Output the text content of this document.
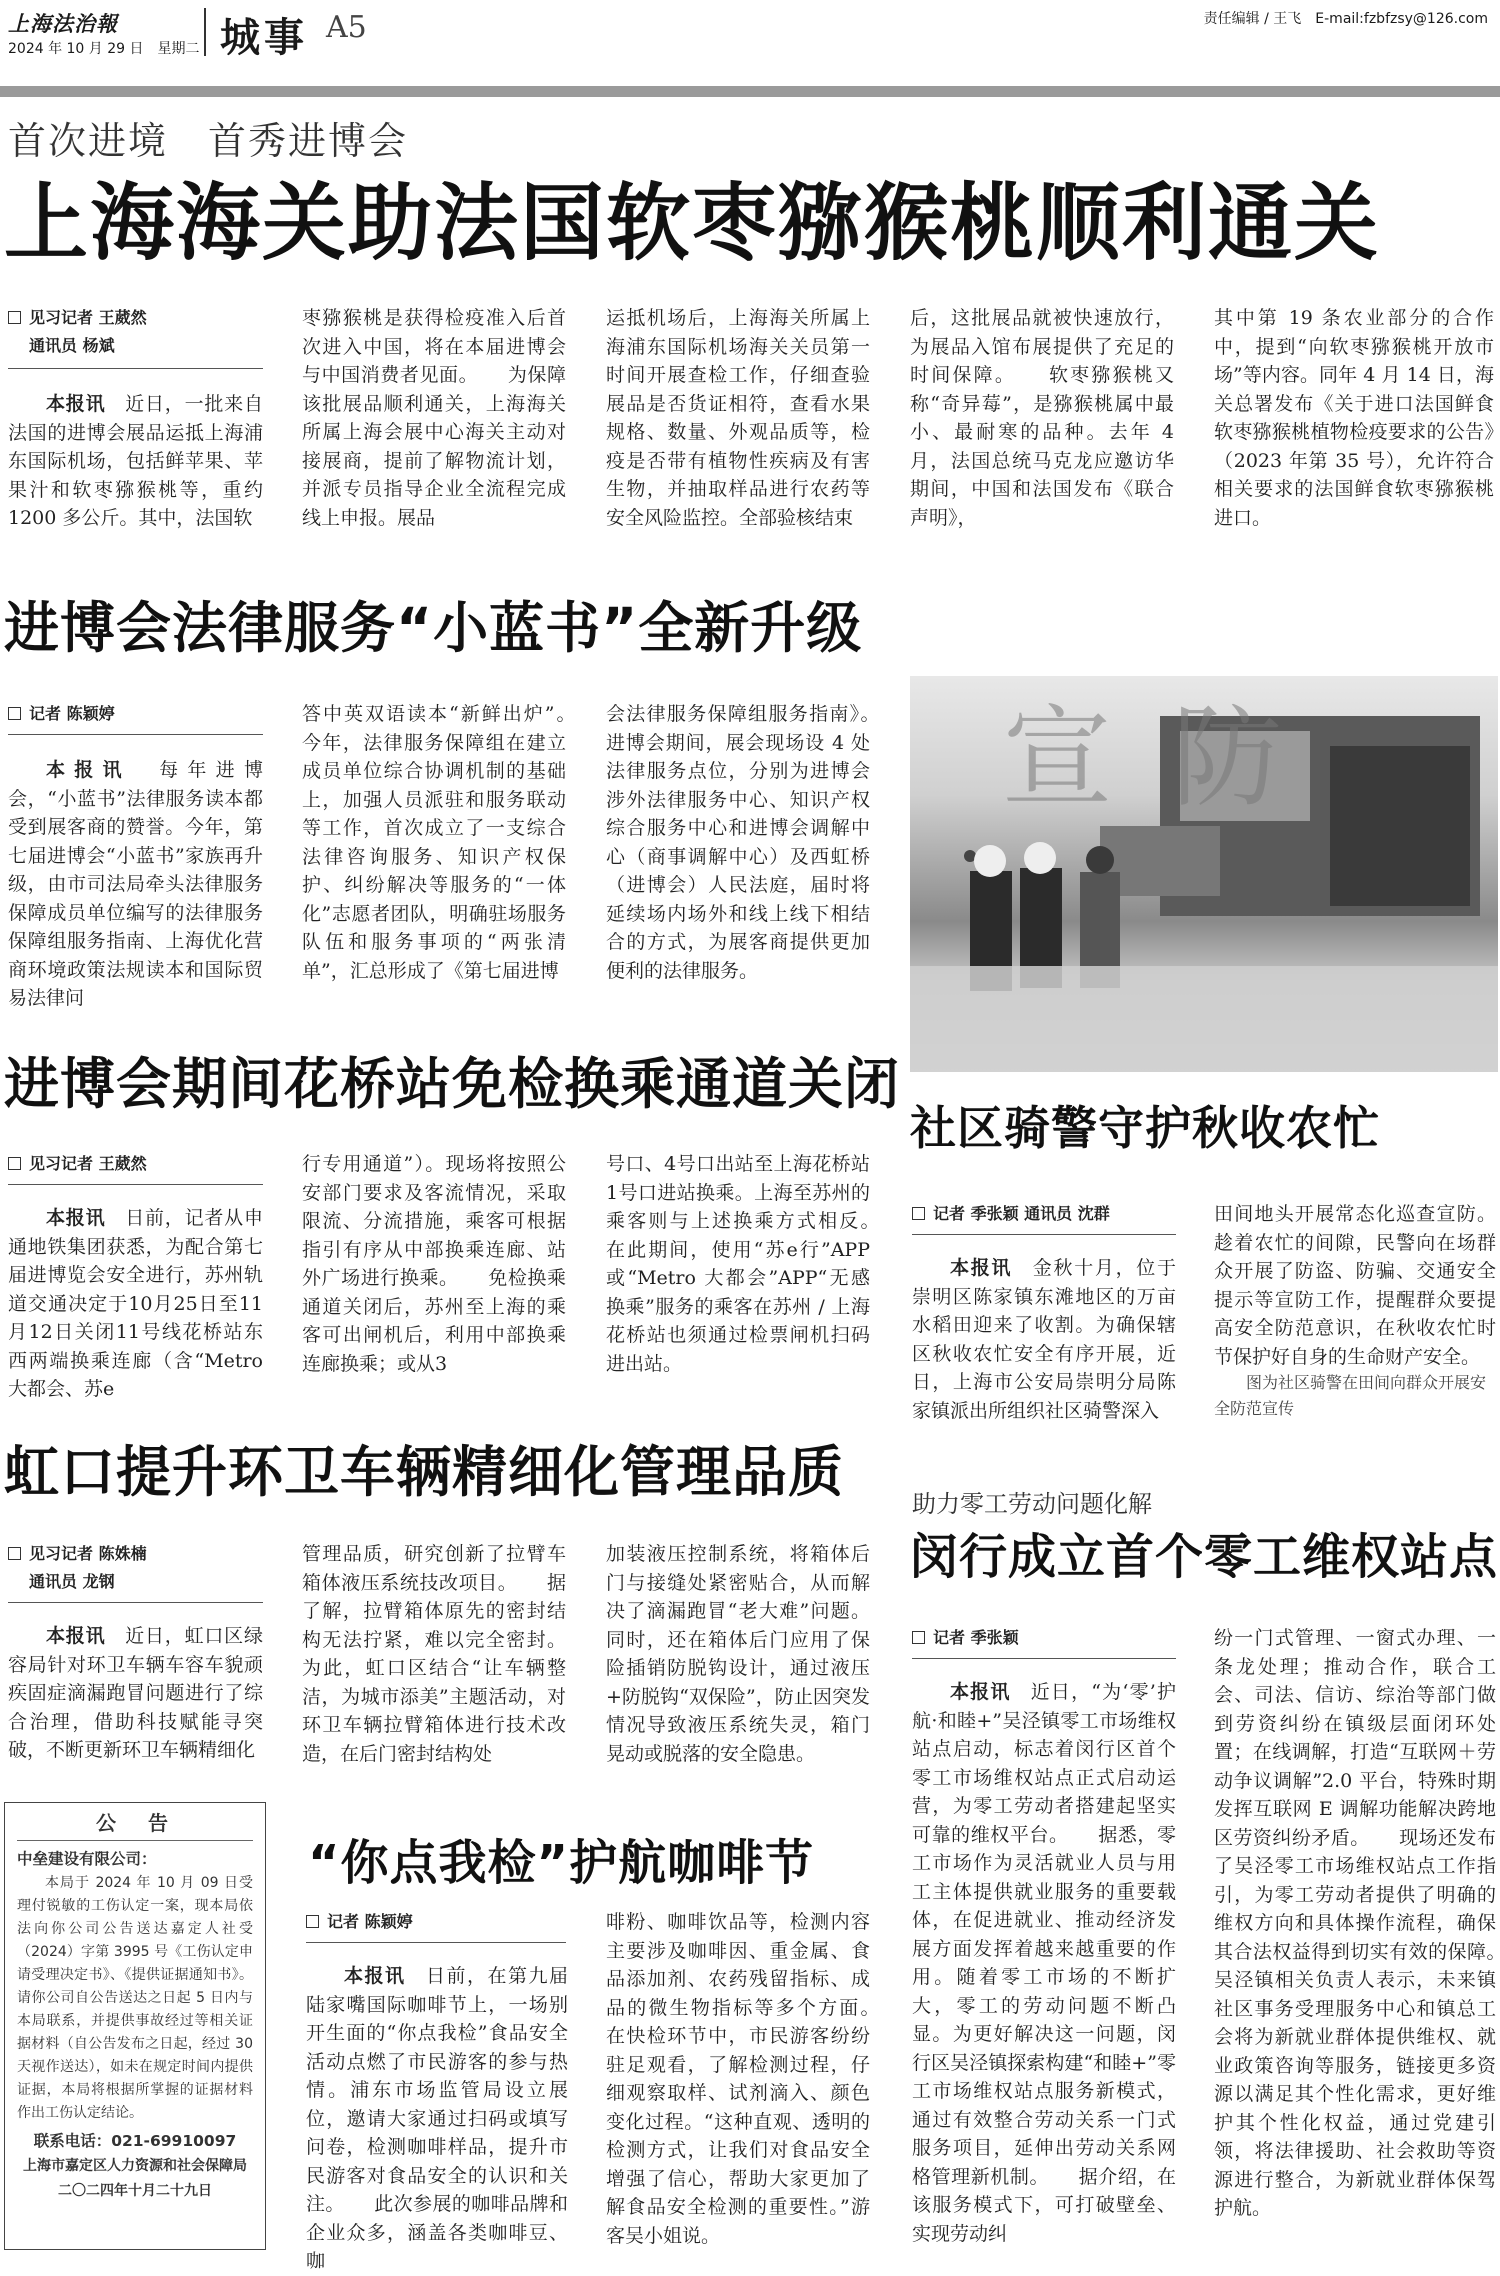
上海法治報
2024 年 10 月 29 日　星期二 城事 A5	责任编辑 / 王飞　E-mail:fzbfzsy@126.com
首次进境　首秀进博会
上海海关助法国软枣猕猴桃顺利通关
见习记者 王葳然
通讯员 杨斌

本报讯　 近日，一批来自法国的进博会展品运抵上海浦东国际机场，包括鲜苹果、苹果汁和软枣猕猴桃等，重约1200 多公斤。其中，法国软

枣猕猴桃是获得检疫准入后首次进入中国，将在本届进博会与中国消费者见面。　　为保障该批展品顺利通关，上海海关所属上海会展中心海关主动对接展商，提前了解物流计划，并派专员指导企业全流程完成线上申报。展品
运抵机场后，上海海关所属上海浦东国际机场海关关员第一时间开展查检工作，仔细查验展品是否货证相符，查看水果规格、数量、外观品质等，检疫是否带有植物性疾病及有害生物，并抽取样品进行农药等安全风险监控。全部验核结束
后，这批展品就被快速放行，为展品入馆布展提供了充足的时间保障。　　软枣猕猴桃又称“奇异莓”，是猕猴桃属中最小、最耐寒的品种。去年 4 月，法国总统马克龙应邀访华期间，中国和法国发布《联合声明》，
其中第 19 条农业部分的合作中，提到“向软枣猕猴桃开放市场”等内容。同年 4 月 14 日，海关总署发布《关于进口法国鲜食软枣猕猴桃植物检疫要求的公告》（2023 年第 35 号），允许符合相关要求的法国鲜食软枣猕猴桃进口。
进博会法律服务“小蓝书”全新升级
记者 陈颖婷

本报讯　 每年进博会，“小蓝书”法律服务读本都受到展客商的赞誉。今年，第七届进博会“小蓝书”家族再升级，由市司法局牵头法律服务保障成员单位编写的法律服务保障组服务指南、上海优化营商环境政策法规读本和国际贸易法律问

答中英双语读本“新鲜出炉”。　　今年，法律服务保障组在建立成员单位综合协调机制的基础上，加强人员派驻和服务联动等工作，首次成立了一支综合法律咨询服务、知识产权保护、纠纷解决等服务的“一体化”志愿者团队，明确驻场服务队伍和服务事项的“两张清单”，汇总形成了《第七届进博
会法律服务保障组服务指南》。　　进博会期间，展会现场设 4 处法律服务点位，分别为进博会涉外法律服务中心、知识产权综合服务中心和进博会调解中心（商事调解中心）及西虹桥（进博会）人民法庭，届时将延续场内场外和线上线下相结合的方式，为展客商提供更加便利的法律服务。
宣防
社区骑警守护秋收农忙
记者 季张颖 通讯员 沈群

本报讯　 金秋十月，位于崇明区陈家镇东滩地区的万亩水稻田迎来了收割。为确保辖区秋收农忙安全有序开展，近日，上海市公安局崇明分局陈家镇派出所组织社区骑警深入

田间地头开展常态化巡查宣防。趁着农忙的间隙，民警向在场群众开展了防盗、防骗、交通安全提示等宣防工作，提醒群众要提高安全防范意识，在秋收农忙时节保护好自身的生命财产安全。
图为社区骑警在田间向群众开展安全防范宣传
进博会期间花桥站免检换乘通道关闭
见习记者 王葳然

本报讯　 日前，记者从申通地铁集团获悉，为配合第七届进博览会安全进行，苏州轨道交通决定于10月25日至11月12日关闭11号线花桥站东西两端换乘连廊（含“Metro大都会、苏e

行专用通道”）。现场将按照公安部门要求及客流情况，采取限流、分流措施，乘客可根据指引有序从中部换乘连廊、站外广场进行换乘。　　免检换乘通道关闭后，苏州至上海的乘客可出闸机后，利用中部换乘连廊换乘；或从3
号口、4号口出站至上海花桥站1号口进站换乘。上海至苏州的乘客则与上述换乘方式相反。　　在此期间，使用“苏e行”APP 或“Metro 大都会”APP“无感换乘”服务的乘客在苏州 / 上海花桥站也须通过检票闸机扫码进出站。
虹口提升环卫车辆精细化管理品质
见习记者 陈姝楠
通讯员 龙钢

本报讯　 近日，虹口区绿容局针对环卫车辆车容车貌顽疾固症滴漏跑冒问题进行了综合治理，借助科技赋能寻突破，不断更新环卫车辆精细化

管理品质，研究创新了拉臂车箱体液压系统技改项目。　　据了解，拉臂箱体原先的密封结构无法拧紧，难以完全密封。为此，虹口区结合“让车辆整洁，为城市添美”主题活动，对环卫车辆拉臂箱体进行技术改造，在后门密封结构处
加装液压控制系统，将箱体后门与接缝处紧密贴合，从而解决了滴漏跑冒“老大难”问题。同时，还在箱体后门应用了保险插销防脱钩设计，通过液压+防脱钩“双保险”，防止因突发情况导致液压系统失灵，箱门晃动或脱落的安全隐患。
公　告
中垒建设有限公司：
本局于 2024 年 10 月 09 日受理付锐敏的工伤认定一案，现本局依法向你公司公告送达嘉定人社受（2024）字第 3995 号《工伤认定申请受理决定书》、《提供证据通知书》。请你公司自公告送达之日起 5 日内与本局联系，并提供事故经过等相关证据材料（自公告发布之日起，经过 30 天视作送达），如未在规定时间内提供证据，本局将根据所掌握的证据材料作出工伤认定结论。
联系电话：021-69910097
上海市嘉定区人力资源和社会保障局
二〇二四年十月二十九日
“你点我检”护航咖啡节
记者 陈颖婷

本报讯　 日前，在第九届陆家嘴国际咖啡节上，一场别开生面的“你点我检”食品安全活动点燃了市民游客的参与热情。浦东市场监管局设立展位，邀请大家通过扫码或填写问卷，检测咖啡样品，提升市民游客对食品安全的认识和关注。　　此次参展的咖啡品牌和企业众多，涵盖各类咖啡豆、咖

啡粉、咖啡饮品等，检测内容主要涉及咖啡因、重金属、食品添加剂、农药残留指标、成品的微生物指标等多个方面。　　在快检环节中，市民游客纷纷驻足观看，了解检测过程，仔细观察取样、试剂滴入、颜色变化过程。“这种直观、透明的检测方式，让我们对食品安全增强了信心，帮助大家更加了解食品安全检测的重要性。”游客吴小姐说。
助力零工劳动问题化解
闵行成立首个零工维权站点
记者 季张颖

本报讯　 近日，“为‘零’护航·和睦+”吴泾镇零工市场维权站点启动，标志着闵行区首个零工市场维权站点正式启动运营，为零工劳动者搭建起坚实可靠的维权平台。　　据悉，零工市场作为灵活就业人员与用工主体提供就业服务的重要载体，在促进就业、推动经济发展方面发挥着越来越重要的作用。随着零工市场的不断扩大，零工的劳动问题不断凸显。为更好解决这一问题，闵行区吴泾镇探索构建“和睦+”零工市场维权站点服务新模式，通过有效整合劳动关系一门式服务项目，延伸出劳动关系网格管理新机制。　　据介绍，在该服务模式下，可打破壁垒、实现劳动纠

纷一门式管理、一窗式办理、一条龙处理；推动合作，联合工会、司法、信访、综治等部门做到劳资纠纷在镇级层面闭环处置；在线调解，打造“互联网＋劳动争议调解”2.0 平台，特殊时期发挥互联网 E 调解功能解决跨地区劳资纠纷矛盾。　　现场还发布了吴泾零工市场维权站点工作指引，为零工劳动者提供了明确的维权方向和具体操作流程，确保其合法权益得到切实有效的保障。　　吴泾镇相关负责人表示，未来镇社区事务受理服务中心和镇总工会将为新就业群体提供维权、就业政策咨询等服务，链接更多资源以满足其个性化需求，更好维护其个性化权益，通过党建引领，将法律援助、社会救助等资源进行整合，为新就业群体保驾护航。
